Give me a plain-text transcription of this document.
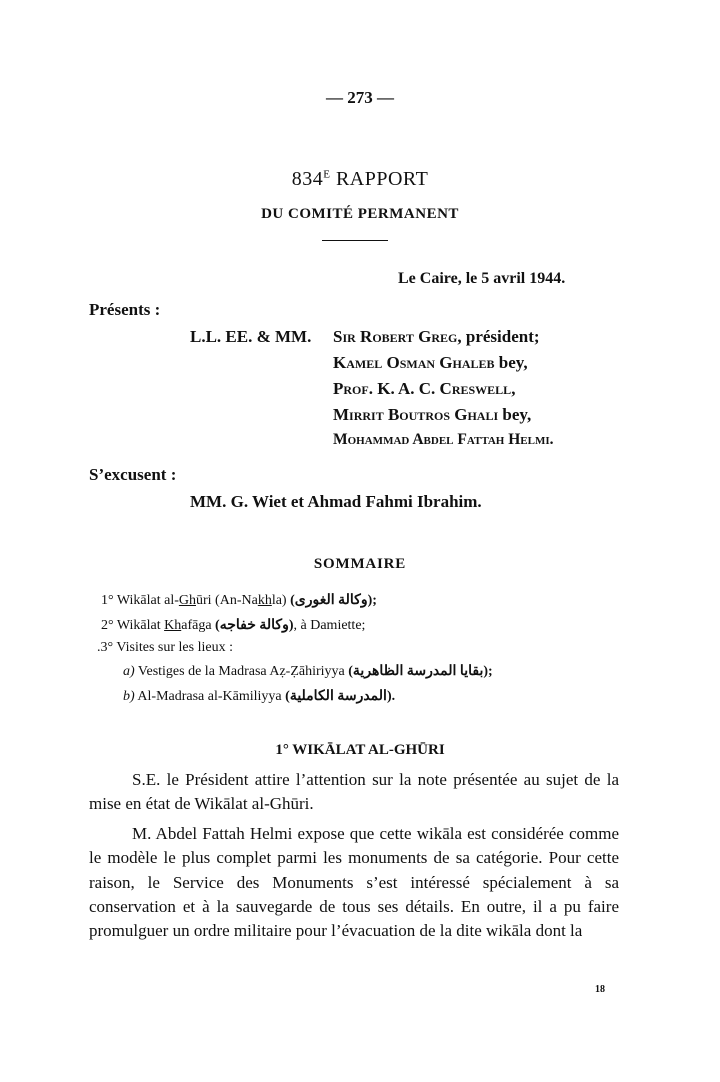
— 273 —
$834^E$ RAPPORT
DU COMITÉ PERMANENT
Le Caire, le 5 avril 1944.
Présents :
L.L. EE. & MM. Sir Robert Greg, président;
Kamel Osman Ghaleb bey,
Prof. K. A. C. Creswell,
Mirrit Boutros Ghali bey,
Mohammad Abdel Fattah Helmi.
S’excusent :
MM. G. Wiet et Ahmad Fahmi Ibrahim.
SOMMAIRE
1° Wikālat al-Ghūri (An-Nakhla) (وكالة الغورى);
2° Wikālat Khafāga (وكالة خفاجه), à Damiette;
.3° Visites sur les lieux :
a) Vestiges de la Madrasa Aẓ-Ẓāhiriyya (بقايا المدرسة الظاهرية);
b) Al-Madrasa al-Kāmiliyya (المدرسة الكاملية).
1° WIKĀLAT AL-GHŪRI
S.E. le Président attire l’attention sur la note présentée au sujet de la mise en état de Wikālat al-Ghūri.
M. Abdel Fattah Helmi expose que cette wikāla est considérée comme le modèle le plus complet parmi les monuments de sa catégorie. Pour cette raison, le Service des Monuments s’est intéressé spécialement à sa conservation et à la sauvegarde de tous ses détails. En outre, il a pu faire promulguer un ordre militaire pour l’évacuation de la dite wikāla dont la
18
